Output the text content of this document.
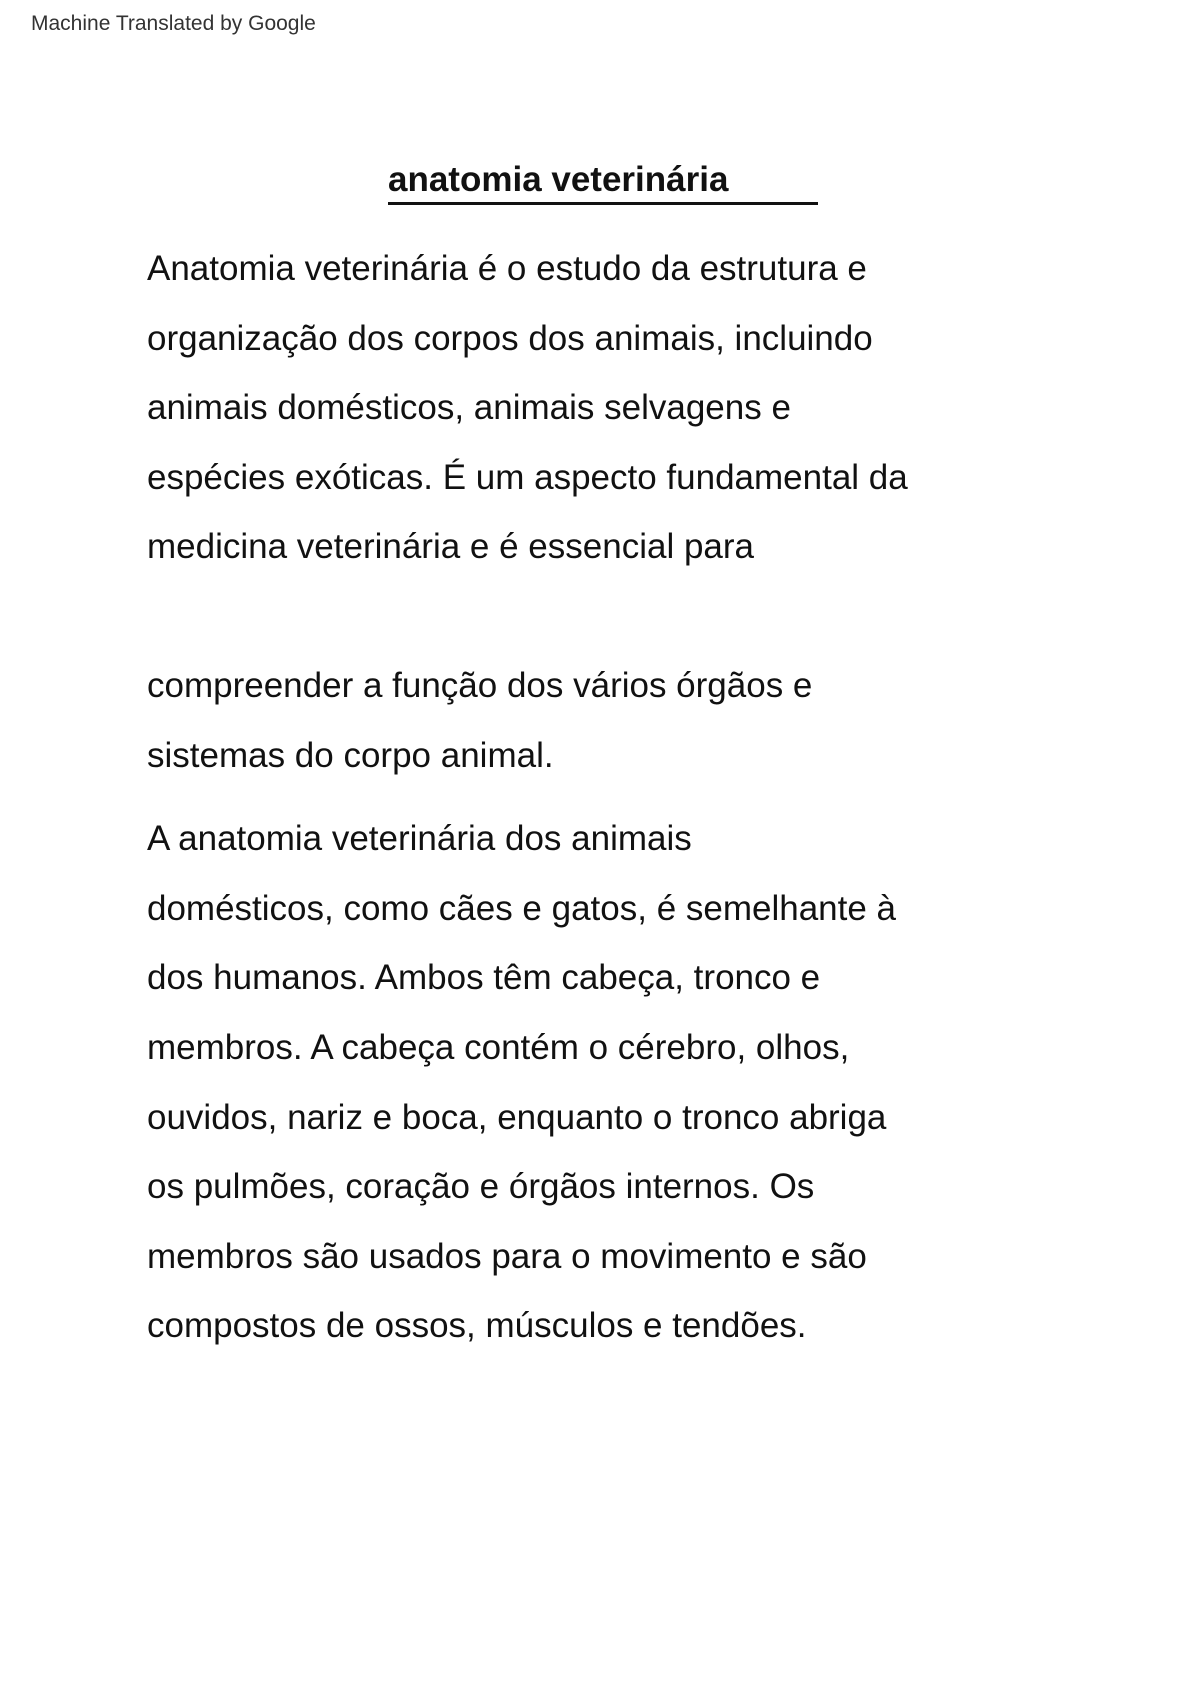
Machine Translated by Google
anatomia veterinária
Anatomia veterinária é o estudo da estrutura e
organização dos corpos dos animais, incluindo
animais domésticos, animais selvagens e
espécies exóticas. É um aspecto fundamental da
medicina veterinária e é essencial para
compreender a função dos vários órgãos e
sistemas do corpo animal.
A anatomia veterinária dos animais
domésticos, como cães e gatos, é semelhante à
dos humanos. Ambos têm cabeça, tronco e
membros. A cabeça contém o cérebro, olhos,
ouvidos, nariz e boca, enquanto o tronco abriga
os pulmões, coração e órgãos internos. Os
membros são usados para o movimento e são
compostos de ossos, músculos e tendões.
